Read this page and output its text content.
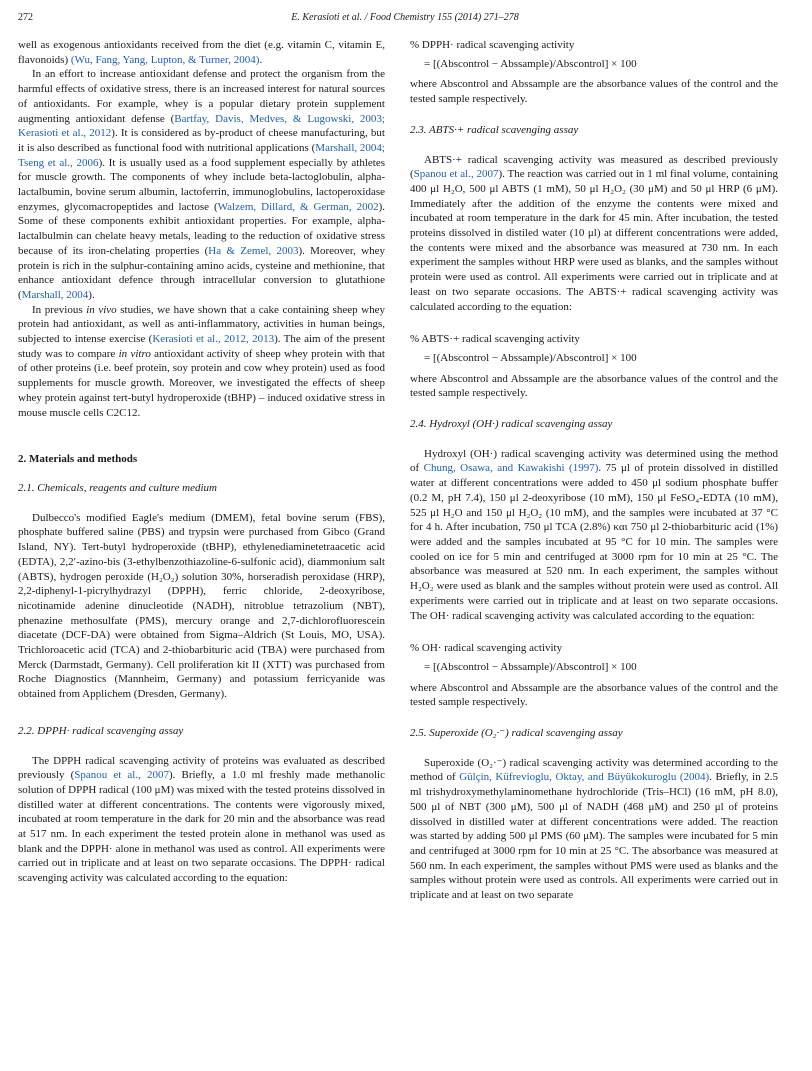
272	E. Kerasioti et al. / Food Chemistry 155 (2014) 271–278

well as exogenous antioxidants received from the diet (e.g. vitamin C, vitamin E, flavonoids) (Wu, Fang, Yang, Lupton, & Turner, 2004).

In an effort to increase antioxidant defense and protect the organism from the harmful effects of oxidative stress, there is an increased interest for natural sources of antioxidants. For example, whey is a popular dietary protein supplement augmenting antioxidant defense (Bartfay, Davis, Medves, & Lugowski, 2003; Kerasioti et al., 2012). It is considered as by-product of cheese manufacturing, but it is also described as functional food with nutritional applications (Marshall, 2004; Tseng et al., 2006). It is usually used as a food supplement especially by athletes for muscle growth. The components of whey include beta-lactoglobulin, alpha-lactalbumin, bovine serum albumin, lactoferrin, immunoglobulins, lactoperoxidase enzymes, glycomacropeptides and lactose (Walzem, Dillard, & German, 2002). Some of these components exhibit antioxidant properties. For example, alpha-lactalbulmin can chelate heavy metals, leading to the reduction of oxidative stress because of its iron-chelating properties (Ha & Zemel, 2003). Moreover, whey protein is rich in the sulphur-containing amino acids, cysteine and methionine, that enhance antioxidant defence through intracellular conversion to glutathione (Marshall, 2004).

In previous in vivo studies, we have shown that a cake containing sheep whey protein had antioxidant, as well as anti-inflammatory, activities in human beings, subjected to intense exercise (Kerasioti et al., 2012, 2013). The aim of the present study was to compare in vitro antioxidant activity of sheep whey protein with that of other proteins (i.e. beef protein, soy protein and cow whey protein) used as food supplements for muscle growth. Moreover, we investigated the effects of sheep whey protein against tert-butyl hydroperoxide (tBHP) – induced oxidative stress in mouse muscle cells C2C12.

2. Materials and methods
2.1. Chemicals, reagents and culture medium

Dulbecco's modified Eagle's medium (DMEM), fetal bovine serum (FBS), phosphate buffered saline (PBS) and trypsin were purchased from Gibco (Grand Island, NY). Tert-butyl hydroperoxide (tBHP), ethylenediaminetetraacetic acid (EDTA), 2,2′-azino-bis (3-ethylbenzothiazoline-6-sulfonic acid), diammonium salt (ABTS), hydrogen peroxide (H₂O₂) solution 30%, horseradish peroxidase (HRP), 2,2-diphenyl-1-picrylhydrazyl (DPPH), ferric chloride, 2-deoxyribose, nicotinamide adenine dinucleotide (NADH), nitroblue tetrazolium (NBT), phenazine methosulfate (PMS), mercury orange and 2,7-dichlorofluorescein diacetate (DCF-DA) were obtained from Sigma–Aldrich (St Louis, MO, USA). Trichloroacetic acid (TCA) and 2-thiobarbituric acid (TBA) were purchased from Merck (Darmstadt, Germany). Cell proliferation kit II (XTT) was purchased from Roche Diagnostics (Mannheim, Germany) and potassium ferricyanide was obtained from Applichem (Dresden, Germany).

2.2. DPPH· radical scavenging assay

The DPPH radical scavenging activity of proteins was evaluated as described previously (Spanou et al., 2007). Briefly, a 1.0 ml freshly made methanolic solution of DPPH radical (100 μM) was mixed with the tested proteins dissolved in distilled water at different concentrations. The contents were vigorously mixed, incubated at room temperature in the dark for 20 min and the absorbance was read at 517 nm. In each experiment the tested protein alone in methanol was used as blank and the DPPH· alone in methanol was used as control. All experiments were carried out in triplicate and at least on two separate occasions. The DPPH· radical scavenging activity was calculated according to the equation:

% DPPH· radical scavenging activity
= [(Abscontrol − Abssample)/Abscontrol] × 100

where Abscontrol and Abssample are the absorbance values of the control and the tested sample respectively.

2.3. ABTS·+ radical scavenging assay

ABTS·+ radical scavenging activity was measured as described previously (Spanou et al., 2007). The reaction was carried out in 1 ml final volume, containing 400 μl H₂O, 500 μl ABTS (1 mM), 50 μl H₂O₂ (30 μM) and 50 μl HRP (6 μM). Immediately after the addition of the enzyme the contents were mixed and incubated at room temperature in the dark for 45 min. After incubation, the tested proteins dissolved in distiled water (10 μl) at different concentrations were added, the contents were mixed and the absorbance was measured at 730 nm. In each experiment the samples without HRP were used as blanks, and the samples without protein were used as control. All experiments were carried out in triplicate and at least on two separate occasions. The ABTS·+ radical scavenging activity was calculated according to the equation:

% ABTS·+ radical scavenging activity
= [(Abscontrol − Abssample)/Abscontrol] × 100

where Abscontrol and Abssample are the absorbance values of the control and the tested sample respectively.

2.4. Hydroxyl (OH·) radical scavenging assay

Hydroxyl (OH·) radical scavenging activity was determined using the method of Chung, Osawa, and Kawakishi (1997). 75 μl of protein dissolved in distilled water at different concentrations were added to 450 μl sodium phosphate buffer (0.2 M, pH 7.4), 150 μl 2-deoxyribose (10 mM), 150 μl FeSO₄-EDTA (10 mM), 525 μl H₂O and 150 μl H₂O₂ (10 mM), and the samples were incubated at 37 °C for 4 h. After incubation, 750 μl TCA (2.8%) και 750 μl 2-thiobarbituric acid (1%) were added and the samples incubated at 95 °C for 10 min. The samples were cooled on ice for 5 min and centrifuged at 3000 rpm for 10 min at 25 °C. The absorbance was measured at 520 nm. In each experiment, the samples without H₂O₂ were used as blank and the samples without protein were used as control. All experiments were carried out in triplicate and at least on two separate occasions. The OH· radical scavenging activity was calculated according to the equation:

% OH· radical scavenging activity
= [(Abscontrol − Abssample)/Abscontrol] × 100

where Abscontrol and Abssample are the absorbance values of the control and the tested sample respectively.

2.5. Superoxide (O₂·⁻) radical scavenging assay

Superoxide (O₂·⁻) radical scavenging activity was determined according to the method of Gülçin, Küfrevioglu, Oktay, and Büyükokuroglu (2004). Briefly, in 2.5 ml trishydroxymethylaminomethane hydrochloride (Tris–HCl) (16 mM, pH 8.0), 500 μl of NBT (300 μM), 500 μl of NADH (468 μM) and 250 μl of proteins dissolved in distilled water at different concentrations were added. The reaction was started by adding 500 μl PMS (60 μM). The samples were incubated for 5 min and centrifuged at 3000 rpm for 10 min at 25 °C. The absorbance was measured at 560 nm. In each experiment, the samples without PMS were used as blanks and the samples without protein were used as controls. All experiments were carried out in triplicate and at least on two separate
